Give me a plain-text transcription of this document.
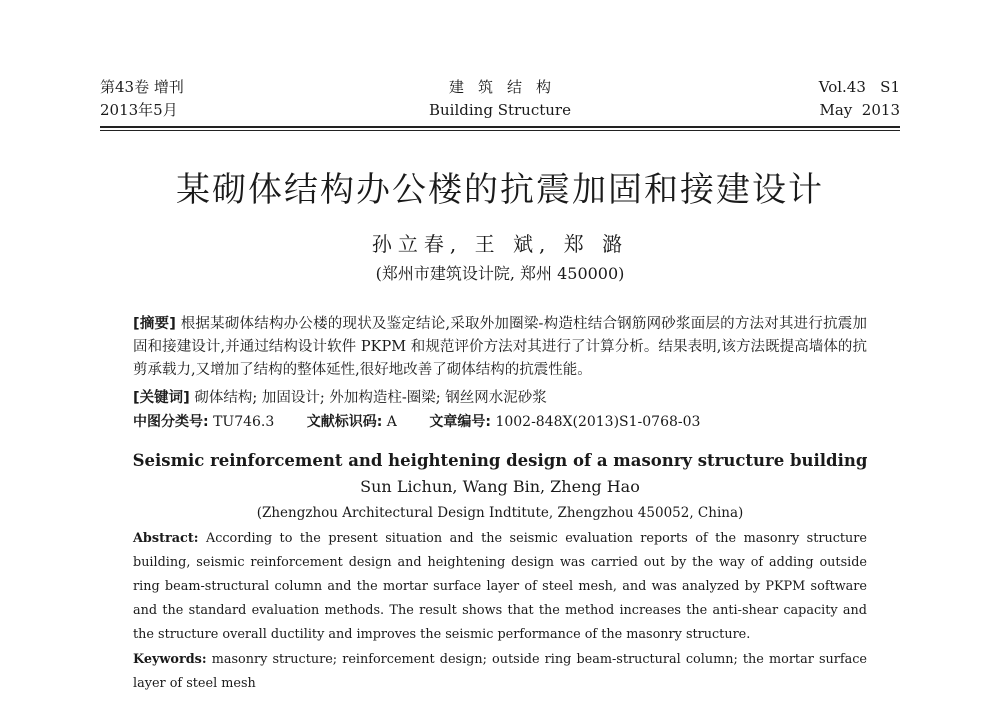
第43卷 增刊
2013年5月
建筑结构
Building Structure
Vol.43   S1
May  2013
某砌体结构办公楼的抗震加固和接建设计
孙立春, 王 斌, 郑 潞
(郑州市建筑设计院, 郑州 450000)
[摘要] 根据某砌体结构办公楼的现状及鉴定结论,采取外加圈梁-构造柱结合钢筋网砂浆面层的方法对其进行抗震加固和接建设计,并通过结构设计软件 PKPM 和规范评价方法对其进行了计算分析。结果表明,该方法既提高墙体的抗剪承载力,又增加了结构的整体延性,很好地改善了砌体结构的抗震性能。
[关键词] 砌体结构; 加固设计; 外加构造柱-圈梁; 钢丝网水泥砂浆
中图分类号: TU746.3 文献标识码: A 文章编号: 1002-848X(2013)S1-0768-03
Seismic reinforcement and heightening design of a masonry structure building
Sun Lichun, Wang Bin, Zheng Hao
(Zhengzhou Architectural Design Indtitute, Zhengzhou 450052, China)
Abstract: According to the present situation and the seismic evaluation reports of the masonry structure building, seismic reinforcement design and heightening design was carried out by the way of adding outside ring beam-structural column and the mortar surface layer of steel mesh, and was analyzed by PKPM software and the standard evaluation methods. The result shows that the method increases the anti-shear capacity and the structure overall ductility and improves the seismic performance of the masonry structure.
Keywords: masonry structure; reinforcement design; outside ring beam-structural column; the mortar surface layer of steel mesh
